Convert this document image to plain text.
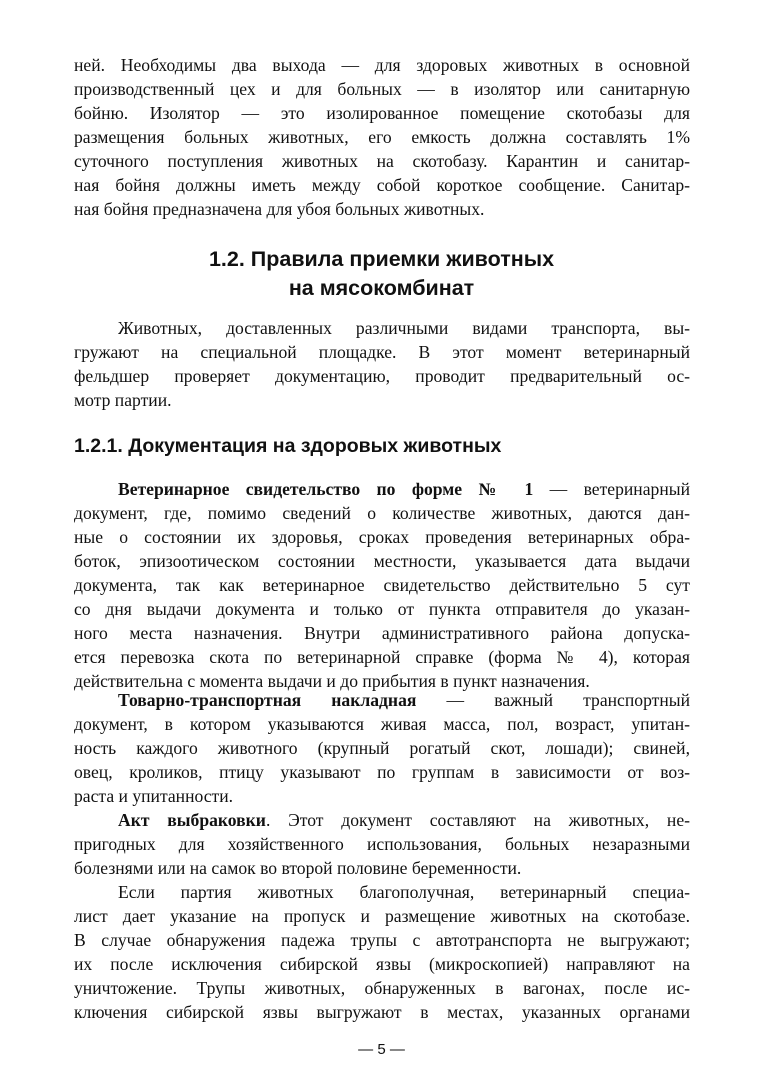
ней. Необходимы два выхода — для здоровых животных в основной
производственный цех и для больных — в изолятор или санитарную
бойню. Изолятор — это изолированное помещение скотобазы для
размещения больных животных, его емкость должна составлять 1%
суточного поступления животных на скотобазу. Карантин и санитар-
ная бойня должны иметь между собой короткое сообщение. Санитар-
ная бойня предназначена для убоя больных животных.
1.2. Правила приемки животных
на мясокомбинат
Животных, доставленных различными видами транспорта, вы-
гружают на специальной площадке. В этот момент ветеринарный
фельдшер проверяет документацию, проводит предварительный ос-
мотр партии.
1.2.1. Документация на здоровых животных
Ветеринарное свидетельство по форме № 1 — ветеринарный
документ, где, помимо сведений о количестве животных, даются дан-
ные о состоянии их здоровья, сроках проведения ветеринарных обра-
боток, эпизоотическом состоянии местности, указывается дата выдачи
документа, так как ветеринарное свидетельство действительно 5 сут
со дня выдачи документа и только от пункта отправителя до указан-
ного места назначения. Внутри административного района допуска-
ется перевозка скота по ветеринарной справке (форма № 4), которая
действительна с момента выдачи и до прибытия в пункт назначения.
Товарно-транспортная накладная — важный транспортный
документ, в котором указываются живая масса, пол, возраст, упитан-
ность каждого животного (крупный рогатый скот, лошади); свиней,
овец, кроликов, птицу указывают по группам в зависимости от воз-
раста и упитанности.
Акт выбраковки. Этот документ составляют на животных, не-
пригодных для хозяйственного использования, больных незаразными
болезнями или на самок во второй половине беременности.
Если партия животных благополучная, ветеринарный специа-
лист дает указание на пропуск и размещение животных на скотобазе.
В случае обнаружения падежа трупы с автотранспорта не выгружают;
их после исключения сибирской язвы (микроскопией) направляют на
уничтожение. Трупы животных, обнаруженных в вагонах, после ис-
ключения сибирской язвы выгружают в местах, указанных органами
— 5 —
